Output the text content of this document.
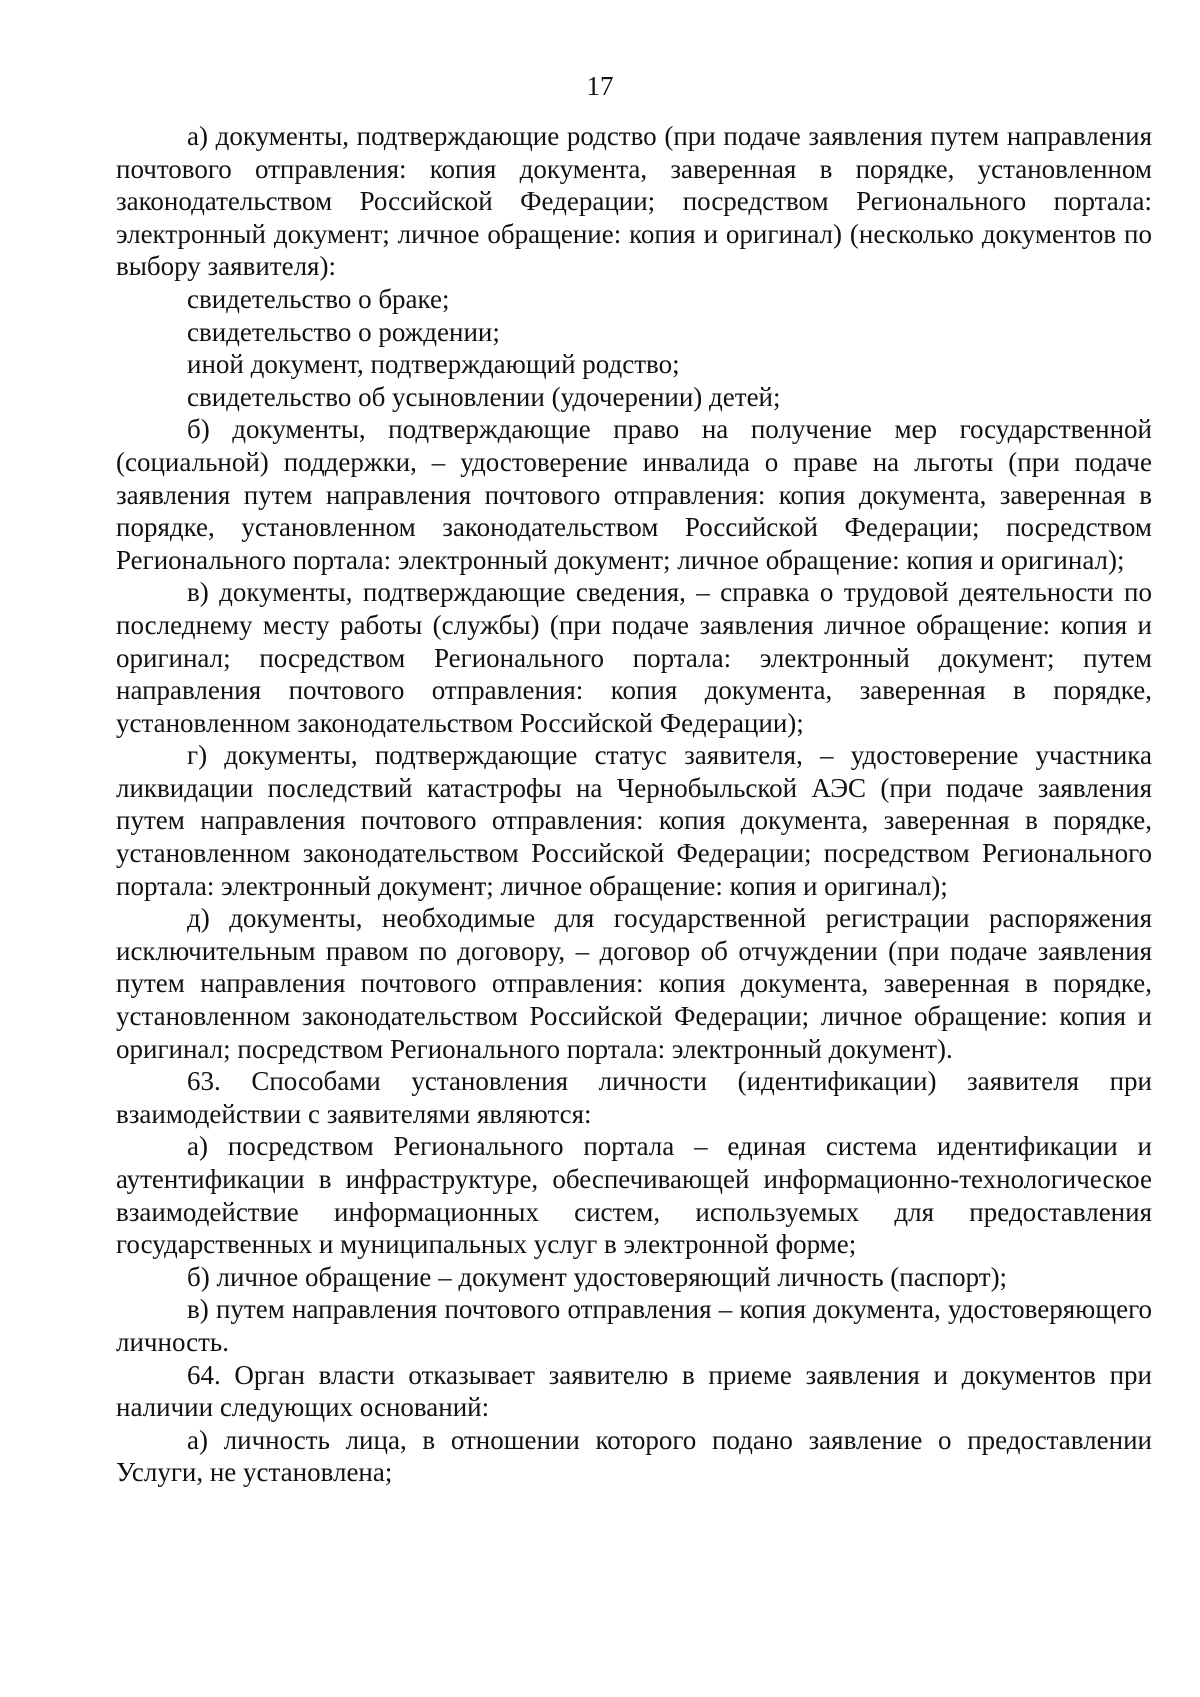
17

а) документы, подтверждающие родство (при подаче заявления путем направления почтового отправления: копия документа, заверенная в порядке, установленном законодательством Российской Федерации; посредством Регионального портала: электронный документ; личное обращение: копия и оригинал) (несколько документов по выбору заявителя):

свидетельство о браке;

свидетельство о рождении;

иной документ, подтверждающий родство;

свидетельство об усыновлении (удочерении) детей;

б) документы, подтверждающие право на получение мер государственной (социальной) поддержки, – удостоверение инвалида о праве на льготы (при подаче заявления путем направления почтового отправления: копия документа, заверенная в порядке, установленном законодательством Российской Федерации; посредством Регионального портала: электронный документ; личное обращение: копия и оригинал);

в) документы, подтверждающие сведения, – справка о трудовой деятельности по последнему месту работы (службы) (при подаче заявления личное обращение: копия и оригинал; посредством Регионального портала: электронный документ; путем направления почтового отправления: копия документа, заверенная в порядке, установленном законодательством Российской Федерации);

г) документы, подтверждающие статус заявителя, – удостоверение участника ликвидации последствий катастрофы на Чернобыльской АЭС (при подаче заявления путем направления почтового отправления: копия документа, заверенная в порядке, установленном законодательством Российской Федерации; посредством Регионального портала: электронный документ; личное обращение: копия и оригинал);

д) документы, необходимые для государственной регистрации распоряжения исключительным правом по договору, – договор об отчуждении (при подаче заявления путем направления почтового отправления: копия документа, заверенная в порядке, установленном законодательством Российской Федерации; личное обращение: копия и оригинал; посредством Регионального портала: электронный документ).

63. Способами установления личности (идентификации) заявителя при взаимодействии с заявителями являются:

а) посредством Регионального портала – единая система идентификации и аутентификации в инфраструктуре, обеспечивающей информационно-технологическое взаимодействие информационных систем, используемых для предоставления государственных и муниципальных услуг в электронной форме;

б) личное обращение – документ удостоверяющий личность (паспорт);

в) путем направления почтового отправления – копия документа, удостоверяющего личность.

64. Орган власти отказывает заявителю в приеме заявления и документов при наличии следующих оснований:

а) личность лица, в отношении которого подано заявление о предоставлении Услуги, не установлена;
